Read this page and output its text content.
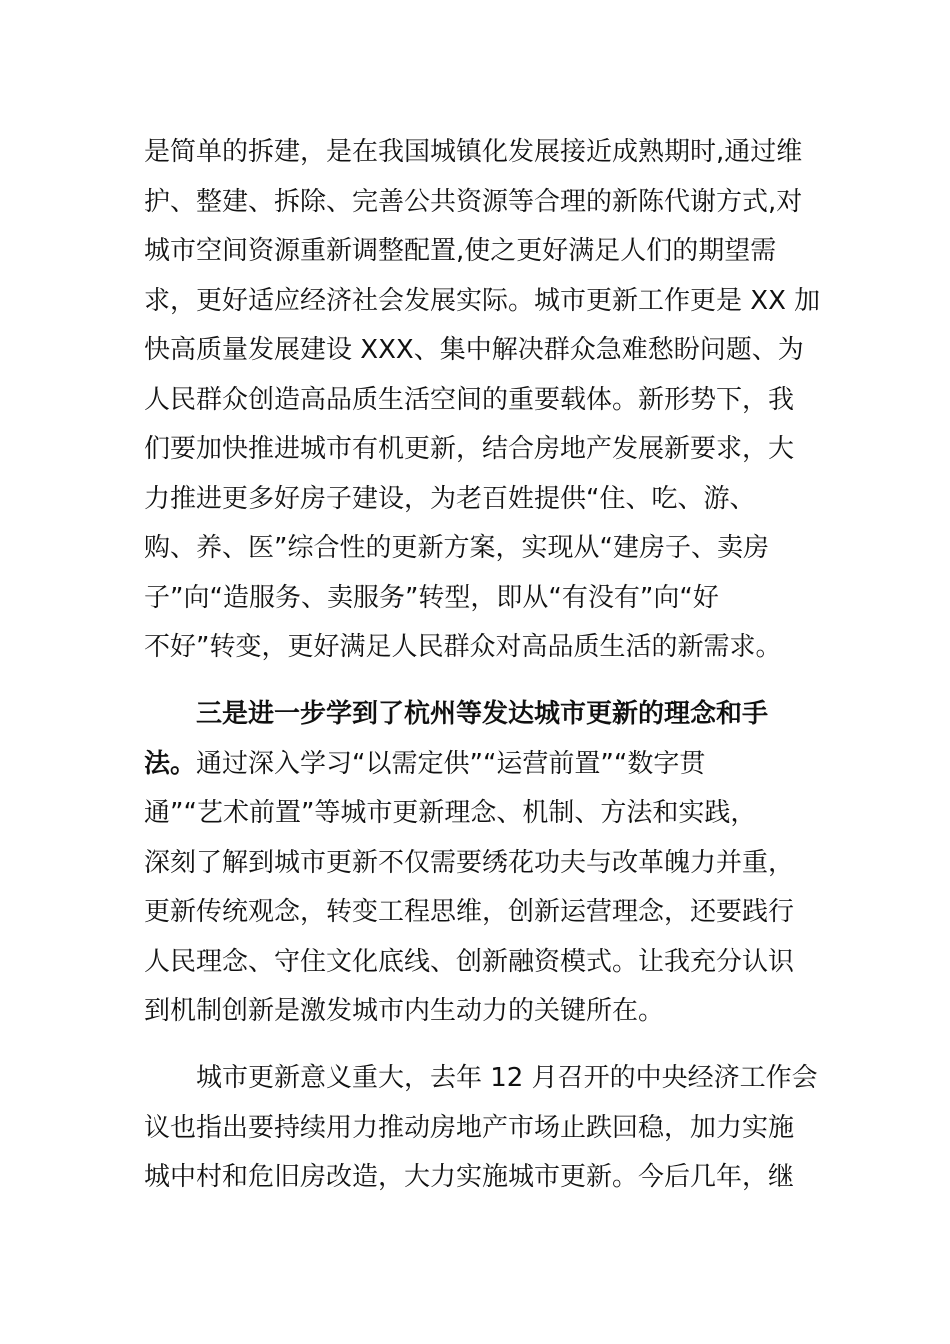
是简单的拆建，是在我国城镇化发展接近成熟期时,通过维
护、整建、拆除、完善公共资源等合理的新陈代谢方式,对
城市空间资源重新调整配置,使之更好满足人们的期望需
求，更好适应经济社会发展实际。城市更新工作更是 XX 加
快高质量发展建设 XXX、集中解决群众急难愁盼问题、为
人民群众创造高品质生活空间的重要载体。新形势下，我
们要加快推进城市有机更新，结合房地产发展新要求，大
力推进更多好房子建设，为老百姓提供“住、吃、游、
购、养、医”综合性的更新方案，实现从“建房子、卖房
子”向“造服务、卖服务”转型，即从“有没有”向“好
不好”转变，更好满足人民群众对高品质生活的新需求。
三是进一步学到了杭州等发达城市更新的理念和手
法。通过深入学习“以需定供”“运营前置”“数字贯
通”“艺术前置”等城市更新理念、机制、方法和实践，
深刻了解到城市更新不仅需要绣花功夫与改革魄力并重，
更新传统观念，转变工程思维，创新运营理念，还要践行
人民理念、守住文化底线、创新融资模式。让我充分认识
到机制创新是激发城市内生动力的关键所在。
城市更新意义重大，去年 12 月召开的中央经济工作会
议也指出要持续用力推动房地产市场止跌回稳，加力实施
城中村和危旧房改造，大力实施城市更新。今后几年，继
